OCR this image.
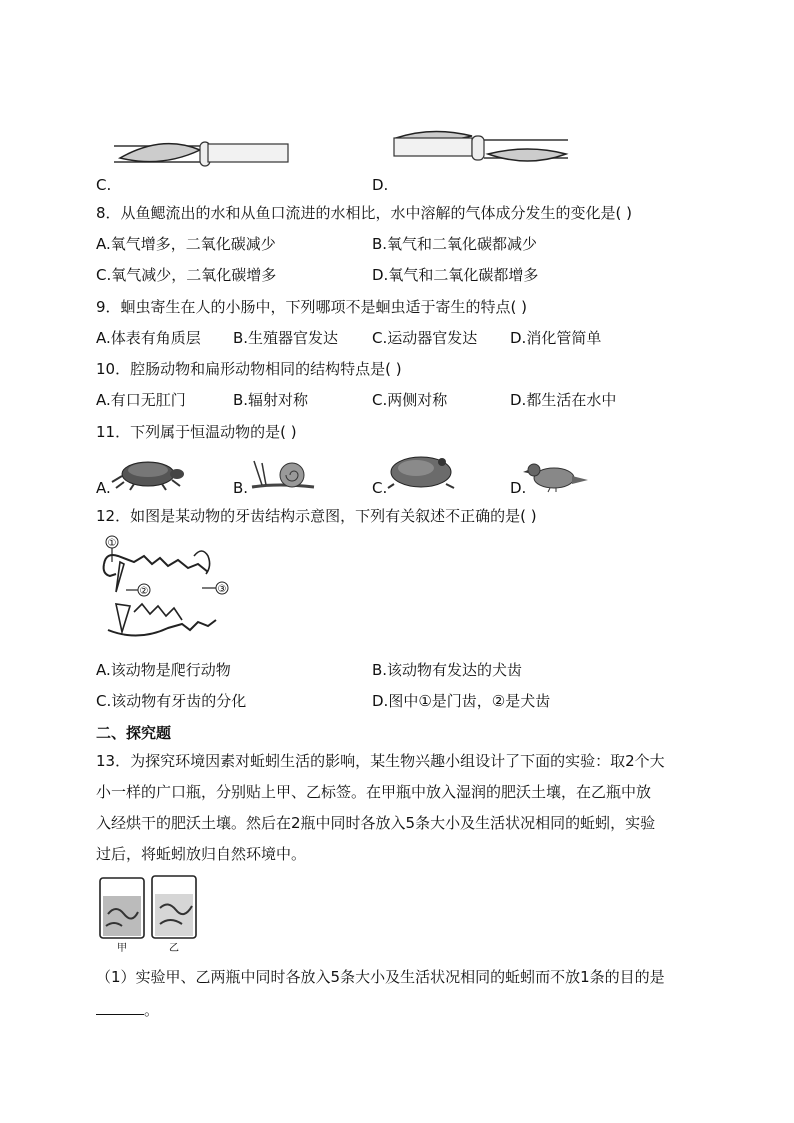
C.	D.
8．从鱼鳃流出的水和从鱼口流进的水相比，水中溶解的气体成分发生的变化是( )
A.氧气增多，二氧化碳减少	B.氧气和二氧化碳都减少
C.氧气减少，二氧化碳增多	D.氧气和二氧化碳都增多
9．蛔虫寄生在人的小肠中，下列哪项不是蛔虫适于寄生的特点( )
A.体表有角质层 B.生殖器官发达 C.运动器官发达 D.消化管简单
10．腔肠动物和扁形动物相同的结构特点是( )
A.有口无肛门	B.辐射对称	C.两侧对称	D.都生活在水中
11．下列属于恒温动物的是( )
A.	B.	C.	D.
12．如图是某动物的牙齿结构示意图，下列有关叙述不正确的是( )
①
②	③
A.该动物是爬行动物	B.该动物有发达的犬齿
C.该动物有牙齿的分化	D.图中①是门齿，②是犬齿
二、探究题
13．为探究环境因素对蚯蚓生活的影响，某生物兴趣小组设计了下面的实验：取2个大
小一样的广口瓶，分别贴上甲、乙标签。在甲瓶中放入湿润的肥沃土壤，在乙瓶中放
入经烘干的肥沃土壤。然后在2瓶中同时各放入5条大小及生活状况相同的蚯蚓，实验
过后，将蚯蚓放归自然环境中。
甲	乙
（1）实验甲、乙两瓶中同时各放入5条大小及生活状况相同的蚯蚓而不放1条的目的是
。
